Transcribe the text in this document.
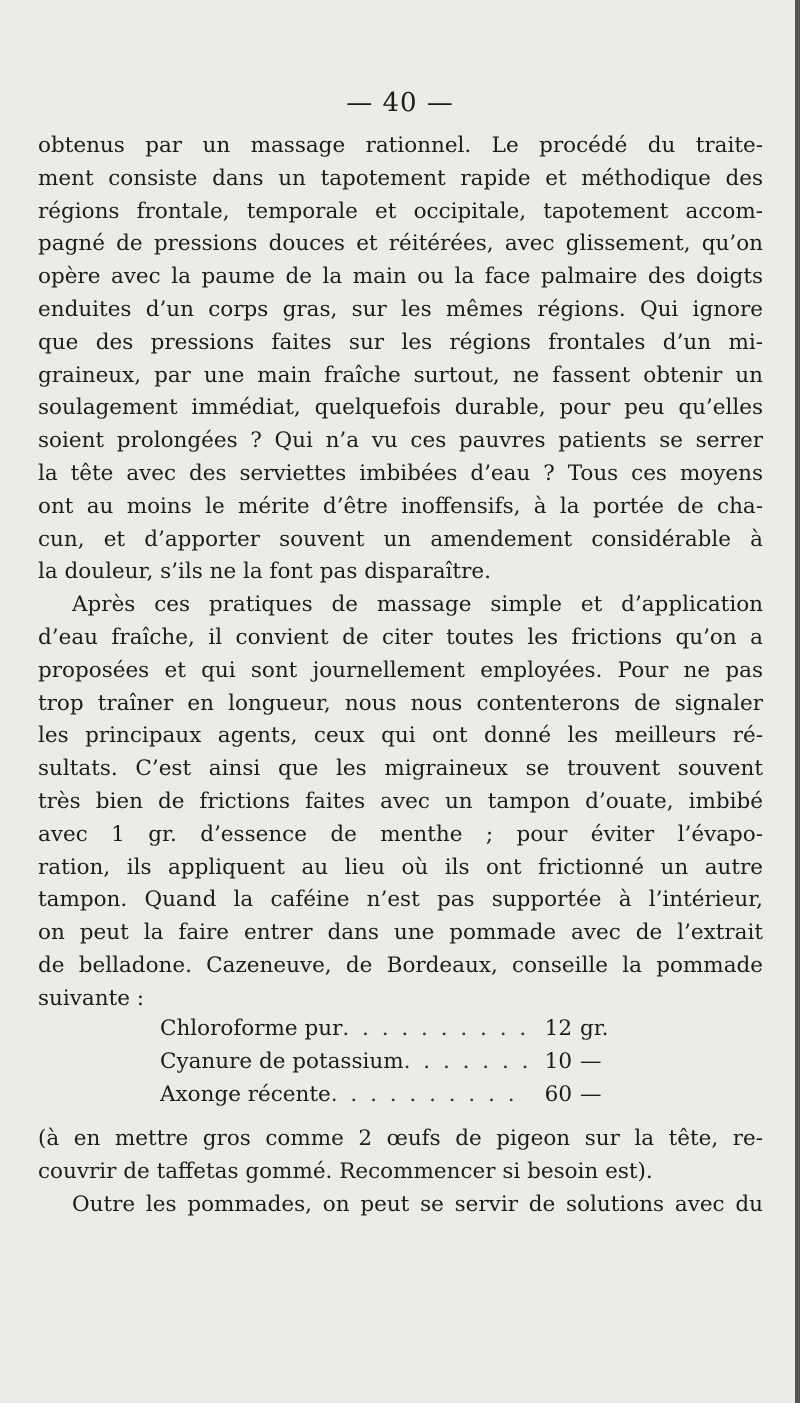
— 40 —
obtenus par un massage rationnel. Le procédé du traite-
ment consiste dans un tapotement rapide et méthodique des
régions frontale, temporale et occipitale, tapotement accom-
pagné de pressions douces et réitérées, avec glissement, qu’on
opère avec la paume de la main ou la face palmaire des doigts
enduites d’un corps gras, sur les mêmes régions. Qui ignore
que des pressions faites sur les régions frontales d’un mi-
graineux, par une main fraîche surtout, ne fassent obtenir un
soulagement immédiat, quelquefois durable, pour peu qu’elles
soient prolongées ? Qui n’a vu ces pauvres patients se serrer
la tête avec des serviettes imbibées d’eau ? Tous ces moyens
ont au moins le mérite d’être inoffensifs, à la portée de cha-
cun, et d’apporter souvent un amendement considérable à
la douleur, s’ils ne la font pas disparaître.
Après ces pratiques de massage simple et d’application
d’eau fraîche, il convient de citer toutes les frictions qu’on a
proposées et qui sont journellement employées. Pour ne pas
trop traîner en longueur, nous nous contenterons de signaler
les principaux agents, ceux qui ont donné les meilleurs ré-
sultats. C’est ainsi que les migraineux se trouvent souvent
très bien de frictions faites avec un tampon d’ouate, imbibé
avec 1 gr. d’essence de menthe ; pour éviter l’évapo-
ration, ils appliquent au lieu où ils ont frictionné un autre
tampon. Quand la caféine n’est pas supportée à l’intérieur,
on peut la faire entrer dans une pommade avec de l’extrait
de belladone. Cazeneuve, de Bordeaux, conseille la pommade
suivante :
Chloroforme pur . . .	12 gr.
Cyanure de potassium . . .	10 —
Axonge récente . . .	60 —
(à en mettre gros comme 2 œufs de pigeon sur la tête, re-
couvrir de taffetas gommé. Recommencer si besoin est).
Outre les pommades, on peut se servir de solutions avec du
